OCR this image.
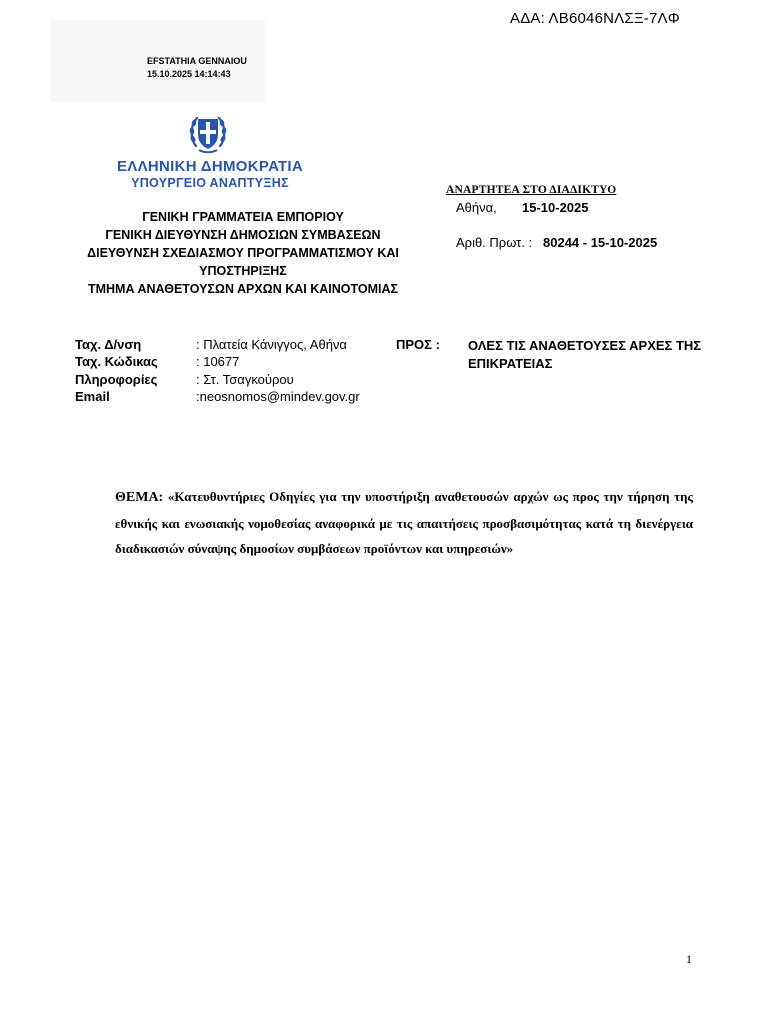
ΑΔΑ: ΛΒ6046ΝΛΣΞ-7ΛΦ
EFSTATHIA GENNAIOU
15.10.2025 14:14:43
ΕΛΛΗΝΙΚΗ ΔΗΜΟΚΡΑΤΙΑ
ΥΠΟΥΡΓΕΙΟ ΑΝΑΠΤΥΞΗΣ
ΓΕΝΙΚΗ ΓΡΑΜΜΑΤΕΙΑ ΕΜΠΟΡΙΟΥ
ΓΕΝΙΚΗ ΔΙΕΥΘΥΝΣΗ ΔΗΜΟΣΙΩΝ ΣΥΜΒΑΣΕΩΝ
ΔΙΕΥΘΥΝΣΗ ΣΧΕΔΙΑΣΜΟΥ ΠΡΟΓΡΑΜΜΑΤΙΣΜΟΥ ΚΑΙ
ΥΠΟΣΤΗΡΙΞΗΣ
ΤΜΗΜΑ ΑΝΑΘΕΤΟΥΣΩΝ ΑΡΧΩΝ ΚΑΙ ΚΑΙΝΟΤΟΜΙΑΣ
ΑΝΑΡΤΗΤΕΑ ΣΤΟ ΔΙΑΔΙΚΤΥΟ
Αθήνα, 15-10-2025
Αριθ. Πρωτ. : 80244 - 15-10-2025
Ταχ. Δ/νση	: Πλατεία Κάνιγγος, Αθήνα
Ταχ. Κώδικας	: 10677
Πληροφορίες	: Στ. Τσαγκούρου
Email	:neosnomos@mindev.gov.gr
ΠΡΟΣ : ΟΛΕΣ ΤΙΣ ΑΝΑΘΕΤΟΥΣΕΣ ΑΡΧΕΣ ΤΗΣ ΕΠΙΚΡΑΤΕΙΑΣ
ΘΕΜΑ: «Κατευθυντήριες Οδηγίες για την υποστήριξη αναθετουσών αρχών ως προς την τήρηση της εθνικής και ενωσιακής νομοθεσίας αναφορικά με τις απαιτήσεις προσβασιμότητας κατά τη διενέργεια διαδικασιών σύναψης δημοσίων συμβάσεων προϊόντων και υπηρεσιών»
1
